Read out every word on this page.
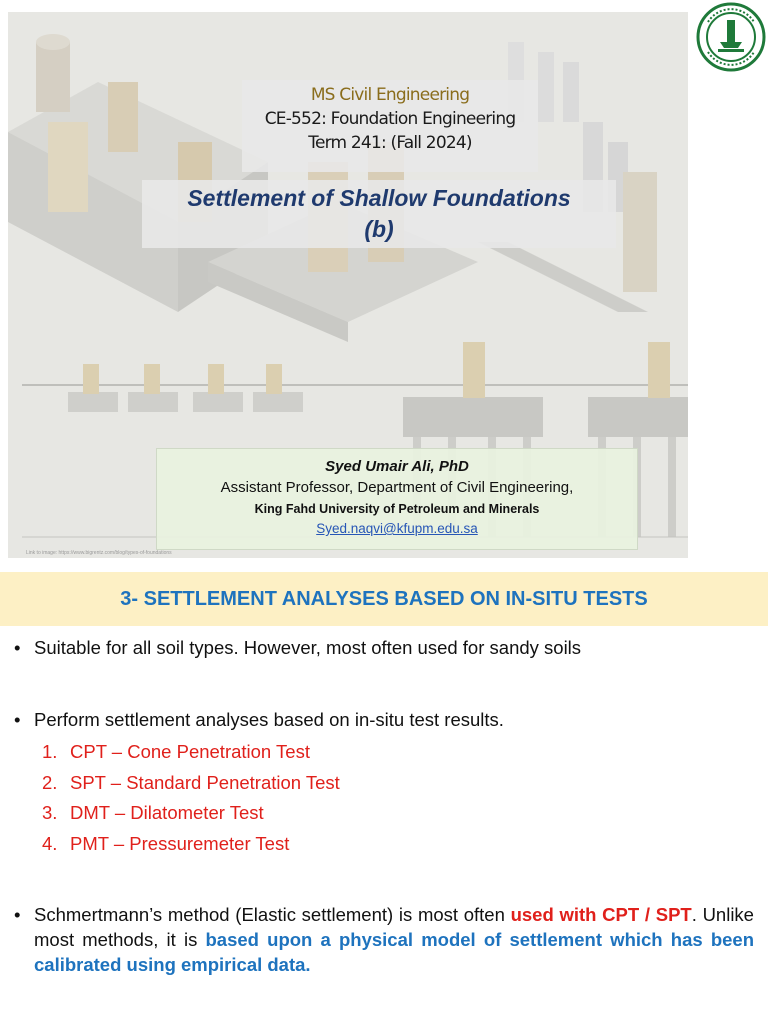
MS Civil Engineering
CE-552: Foundation Engineering
Term 241: (Fall 2024)
Settlement of Shallow Foundations
(b)
Syed Umair Ali, PhD
Assistant Professor, Department of Civil Engineering,
King Fahd University of Petroleum and Minerals
Syed.naqvi@kfupm.edu.sa
Link to image: https://www.bigrentz.com/blog/types-of-foundations
3- SETTLEMENT ANALYSES BASED ON IN-SITU TESTS
• Suitable for all soil types. However, most often used for sandy soils
• Perform settlement analyses based on in-situ test results.
1. CPT – Cone Penetration Test
2. SPT – Standard Penetration Test
3. DMT – Dilatometer Test
4. PMT – Pressuremeter Test
• Schmertmann’s method (Elastic settlement) is most often used with CPT / SPT. Unlike most methods, it is based upon a physical model of settlement which has been calibrated using empirical data.
